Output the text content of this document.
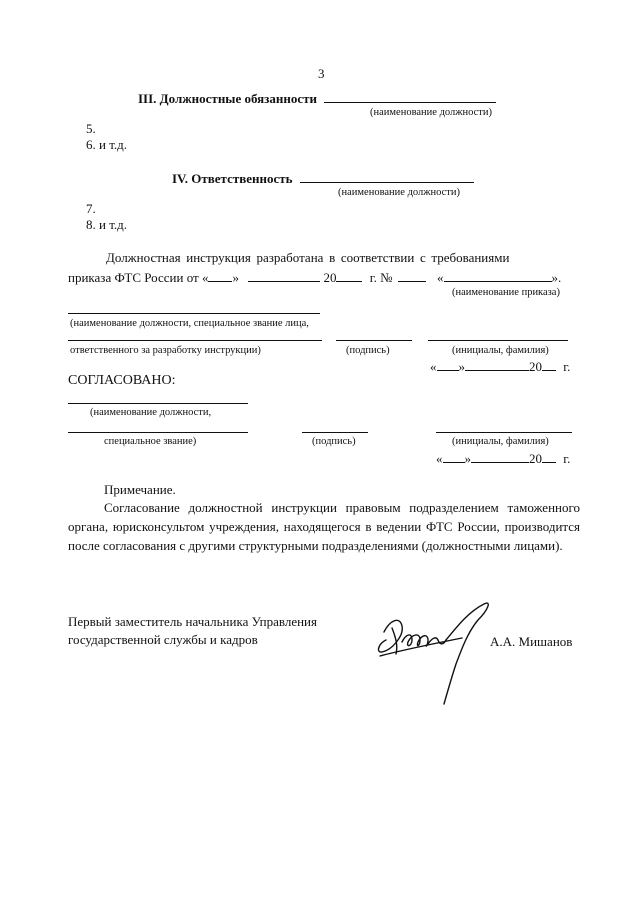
3
III. Должностные обязанности
(наименование должности)
5.
6. и т.д.
IV. Ответственность
(наименование должности)
7.
8. и т.д.
Должностная инструкция разработана в соответствии с требованиями
приказа ФТС России от « »	20	г. №	«	».
(наименование приказа)
(наименование должности, специальное звание лица,
ответственного за разработку инструкции)	(подпись)	(инициалы, фамилия)
« »	20 г.
СОГЛАСОВАНО:
(наименование должности,
специальное звание)	(подпись)	(инициалы, фамилия)
« »	20 г.
Примечание.
Согласование должностной инструкции правовым подразделением таможенного органа, юрисконсультом учреждения, находящегося в ведении ФТС России, производится после согласования с другими структурными подразделениями (должностными лицами).
Первый заместитель начальника Управления
государственной службы и кадров	А.А. Мишанов
